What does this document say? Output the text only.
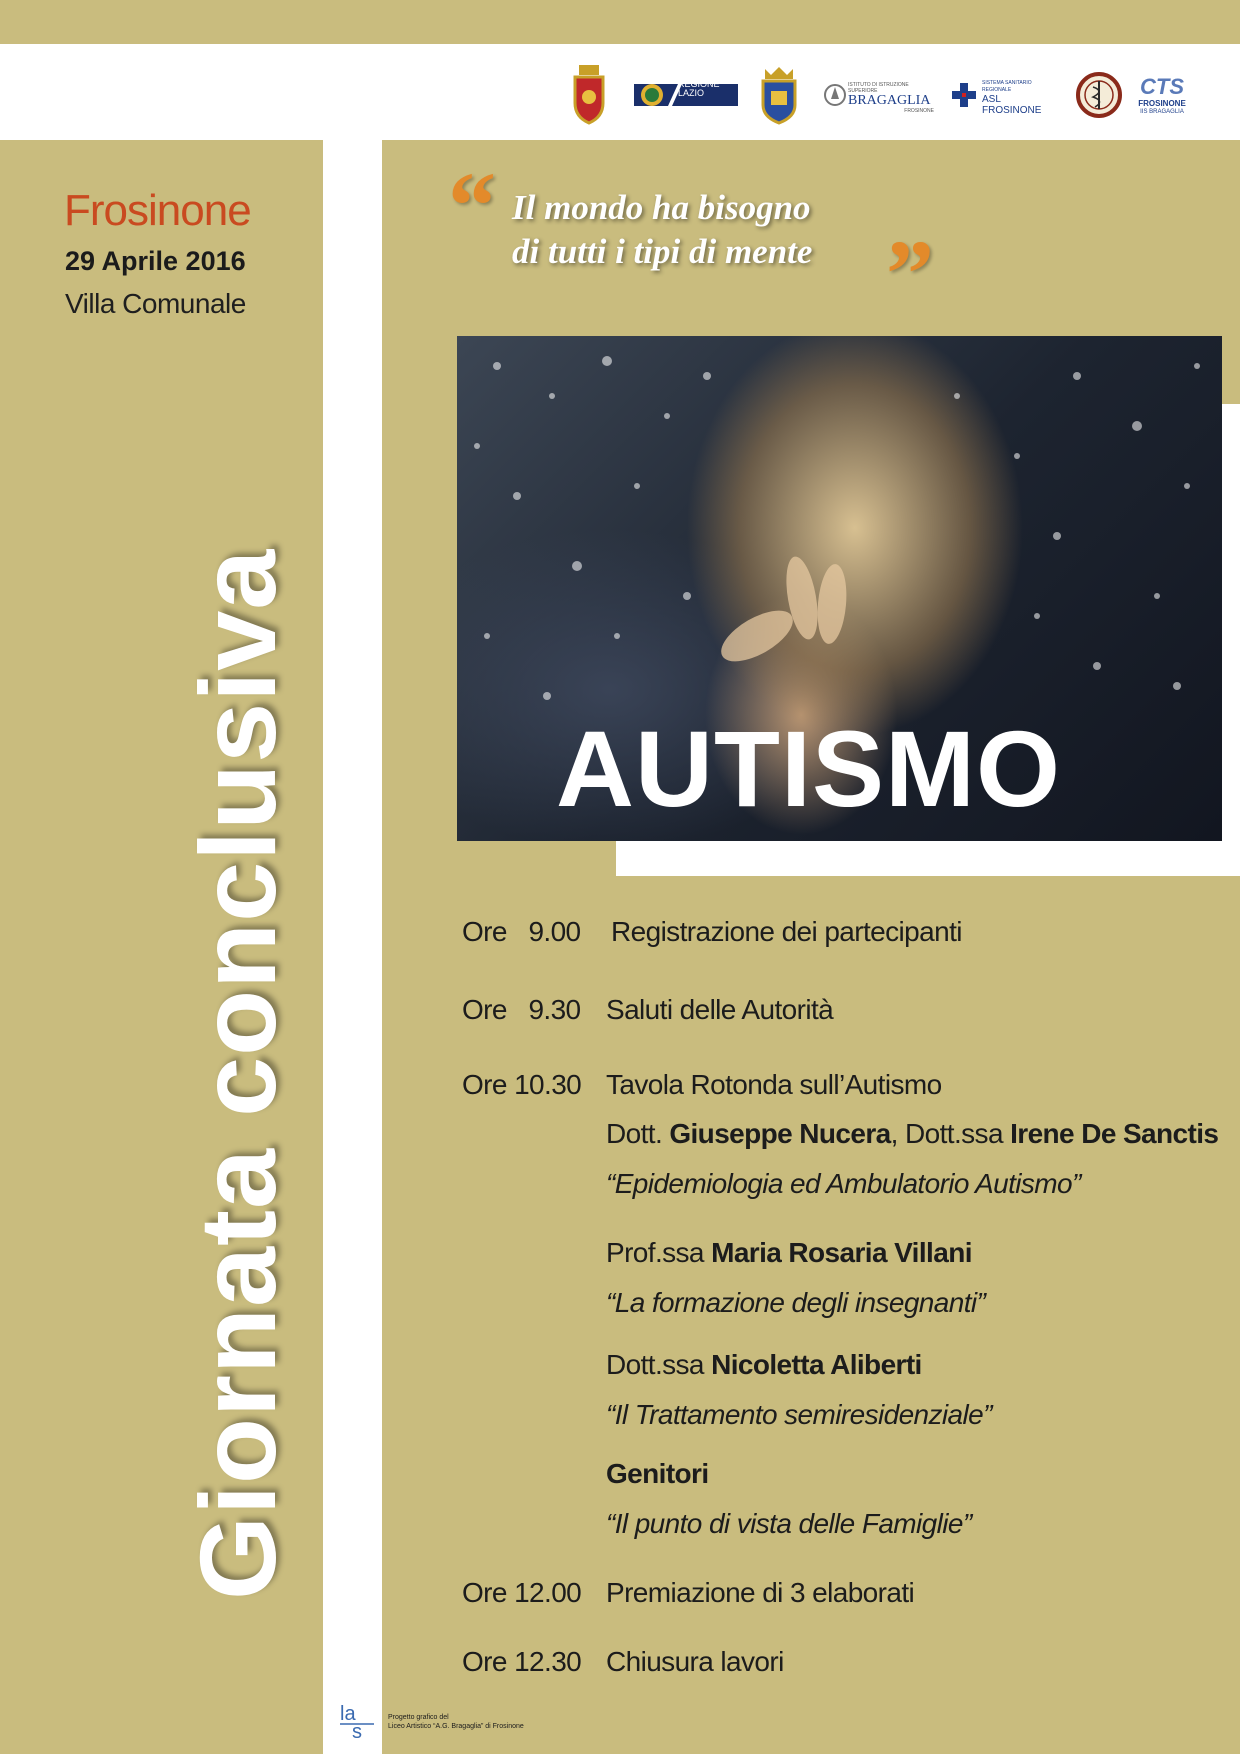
REGIONE
LAZIO
ISTITUTO DI ISTRUZIONE SUPERIORE
BRAGAGLIA
FROSINONE
SISTEMA SANITARIO REGIONALE
ASL
FROSINONE
CTS
FROSINONE
IIS BRAGAGLIA
Frosinone
29 Aprile 2016
Villa Comunale
Giornata conclusiva
“ Il mondo ha bisogno
di tutti i tipi di mente ”
AUTISMO
Ore 9.00 Registrazione dei partecipanti
Ore 9.30 Saluti delle Autorità
Ore 10.30 Tavola Rotonda sull’Autismo
Dott. Giuseppe Nucera, Dott.ssa Irene De Sanctis
“Epidemiologia ed Ambulatorio Autismo”
Prof.ssa Maria Rosaria Villani
“La formazione degli insegnanti”
Dott.ssa Nicoletta Aliberti
“Il Trattamento semiresidenziale”
Genitori
“Il punto di vista delle Famiglie”
Ore 12.00 Premiazione di 3 elaborati
Ore 12.30 Chiusura lavori
la
s
Progetto grafico del
Liceo Artistico “A.G. Bragaglia” di Frosinone
